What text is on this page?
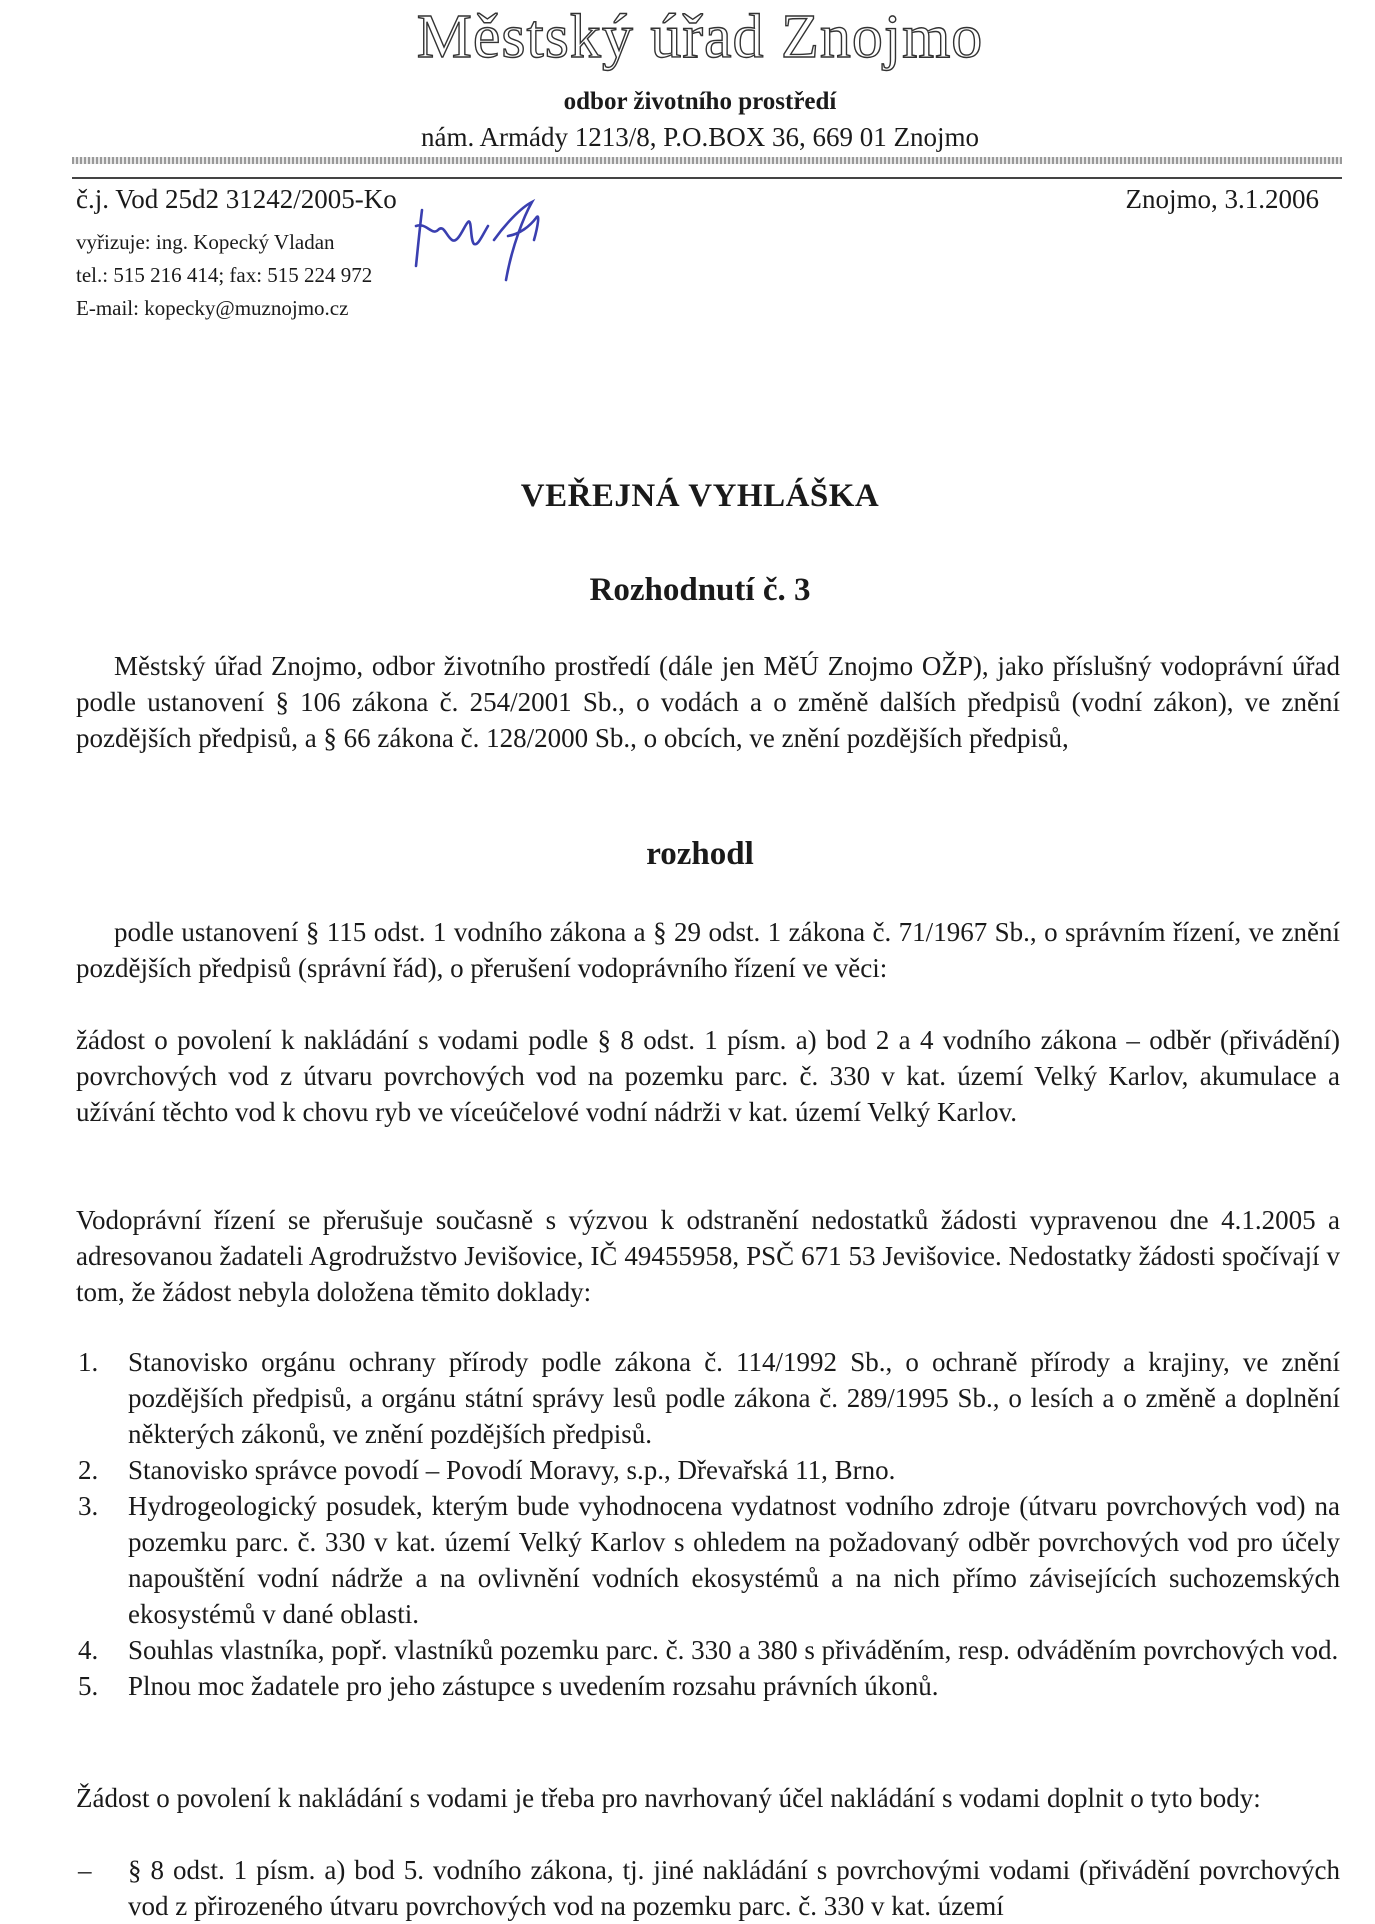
Městský úřad Znojmo
odbor životního prostředí
nám. Armády 1213/8, P.O.BOX 36, 669 01 Znojmo
č.j. Vod 25d2 31242/2005-Ko	Znojmo, 3.1.2006
vyřizuje: ing. Kopecký Vladan
tel.: 515 216 414; fax: 515 224 972
E-mail: kopecky@muznojmo.cz
VEŘEJNÁ VYHLÁŠKA
Rozhodnutí č. 3
Městský úřad Znojmo, odbor životního prostředí (dále jen MěÚ Znojmo OŽP), jako příslušný vodoprávní úřad podle ustanovení § 106 zákona č. 254/2001 Sb., o vodách a o změně dalších předpisů (vodní zákon), ve znění pozdějších předpisů, a § 66 zákona č. 128/2000 Sb., o obcích, ve znění pozdějších předpisů,
rozhodl
podle ustanovení § 115 odst. 1 vodního zákona a § 29 odst. 1 zákona č. 71/1967 Sb., o správním řízení, ve znění pozdějších předpisů (správní řád), o přerušení vodoprávního řízení ve věci:
žádost o povolení k nakládání s vodami podle § 8 odst. 1 písm. a) bod 2 a 4 vodního zákona – odběr (přivádění) povrchových vod z útvaru povrchových vod na pozemku parc. č. 330 v kat. území Velký Karlov, akumulace a užívání těchto vod k chovu ryb ve víceúčelové vodní nádrži v kat. území Velký Karlov.
Vodoprávní řízení se přerušuje současně s výzvou k odstranění nedostatků žádosti vypravenou dne 4.1.2005 a adresovanou žadateli Agrodružstvo Jevišovice, IČ 49455958, PSČ 671 53 Jevišovice. Nedostatky žádosti spočívají v tom, že žádost nebyla doložena těmito doklady:
1. Stanovisko orgánu ochrany přírody podle zákona č. 114/1992 Sb., o ochraně přírody a krajiny, ve znění pozdějších předpisů, a orgánu státní správy lesů podle zákona č. 289/1995 Sb., o lesích a o změně a doplnění některých zákonů, ve znění pozdějších předpisů.
2. Stanovisko správce povodí – Povodí Moravy, s.p., Dřevařská 11, Brno.
3. Hydrogeologický posudek, kterým bude vyhodnocena vydatnost vodního zdroje (útvaru povrchových vod) na pozemku parc. č. 330 v kat. území Velký Karlov s ohledem na požadovaný odběr povrchových vod pro účely napouštění vodní nádrže a na ovlivnění vodních ekosystémů a na nich přímo závisejících suchozemských ekosystémů v dané oblasti.
4. Souhlas vlastníka, popř. vlastníků pozemku parc. č. 330 a 380 s přiváděním, resp. odváděním povrchových vod.
5. Plnou moc žadatele pro jeho zástupce s uvedením rozsahu právních úkonů.
Žádost o povolení k nakládání s vodami je třeba pro navrhovaný účel nakládání s vodami doplnit o tyto body:
– § 8 odst. 1 písm. a) bod 5. vodního zákona, tj. jiné nakládání s povrchovými vodami (přivádění povrchových vod z přirozeného útvaru povrchových vod na pozemku parc. č. 330 v kat. území
